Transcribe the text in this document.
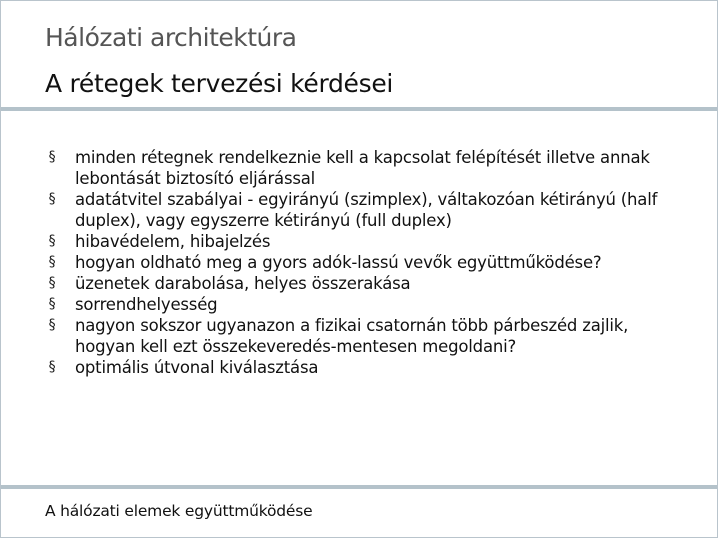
Hálózati architektúra
A rétegek tervezési kérdései
§ minden rétegnek rendelkeznie kell a kapcsolat felépítését illetve annak lebontását biztosító eljárással
§ adatátvitel szabályai - egyirányú (szimplex), váltakozóan kétirányú (half duplex), vagy egyszerre kétirányú (full duplex)
§ hibavédelem, hibajelzés
§ hogyan oldható meg a gyors adók-lassú vevők együttműködése?
§ üzenetek darabolása, helyes összerakása
§ sorrendhelyesség
§ nagyon sokszor ugyanazon a fizikai csatornán több párbeszéd zajlik, hogyan kell ezt összekeveredés-mentesen megoldani?
§ optimális útvonal kiválasztása
A hálózati elemek együttműködése
